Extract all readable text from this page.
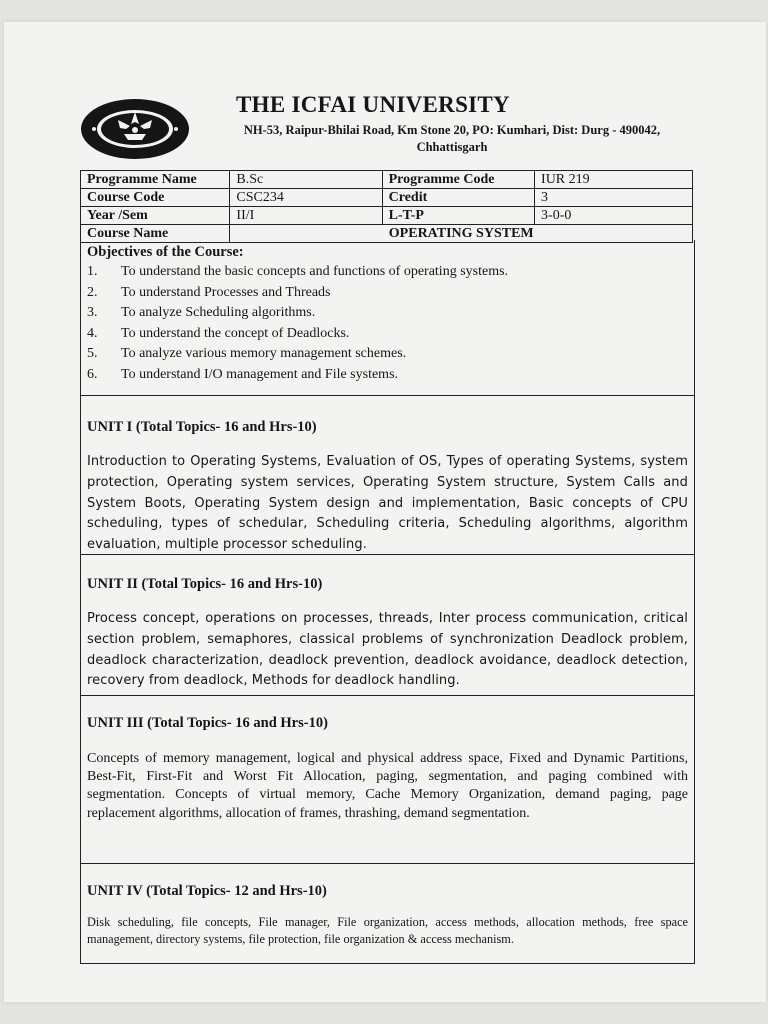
THE ICFAI UNIVERSITY
NH-53, Raipur-Bhilai Road, Km Stone 20, PO: Kumhari, Dist: Durg - 490042, Chhattisgarh
Programme Name	B.Sc	Programme Code	IUR 219
Course Code	CSC234	Credit	3
Year /Sem	II/I	L-T-P	3-0-0
Course Name	OPERATING SYSTEM		
Objectives of the Course:
1.	To understand the basic concepts and functions of operating systems.
2.	To understand Processes and Threads
3.	To analyze Scheduling algorithms.
4.	To understand the concept of Deadlocks.
5.	To analyze various memory management schemes.
6.	To understand I/O management and File systems.

UNIT I (Total Topics- 16 and Hrs-10)

Introduction to Operating Systems, Evaluation of OS, Types of operating Systems, system protection, Operating system services, Operating System structure, System Calls and System Boots, Operating System design and implementation, Basic concepts of CPU scheduling, types of schedular, Scheduling criteria, Scheduling algorithms, algorithm evaluation, multiple processor scheduling.

UNIT II (Total Topics- 16 and Hrs-10)

Process concept, operations on processes, threads, Inter process communication, critical section problem, semaphores, classical problems of synchronization Deadlock problem, deadlock characterization, deadlock prevention, deadlock avoidance, deadlock detection, recovery from deadlock, Methods for deadlock handling.

UNIT III (Total Topics- 16 and Hrs-10)

Concepts of memory management, logical and physical address space, Fixed and Dynamic Partitions, Best-Fit, First-Fit and Worst Fit Allocation, paging, segmentation, and paging combined with segmentation. Concepts of virtual memory, Cache Memory Organization, demand paging, page replacement algorithms, allocation of frames, thrashing, demand segmentation.

UNIT IV (Total Topics- 12 and Hrs-10)

Disk scheduling, file concepts, File manager, File organization, access methods, allocation methods, free space management, directory systems, file protection, file organization & access mechanism.
